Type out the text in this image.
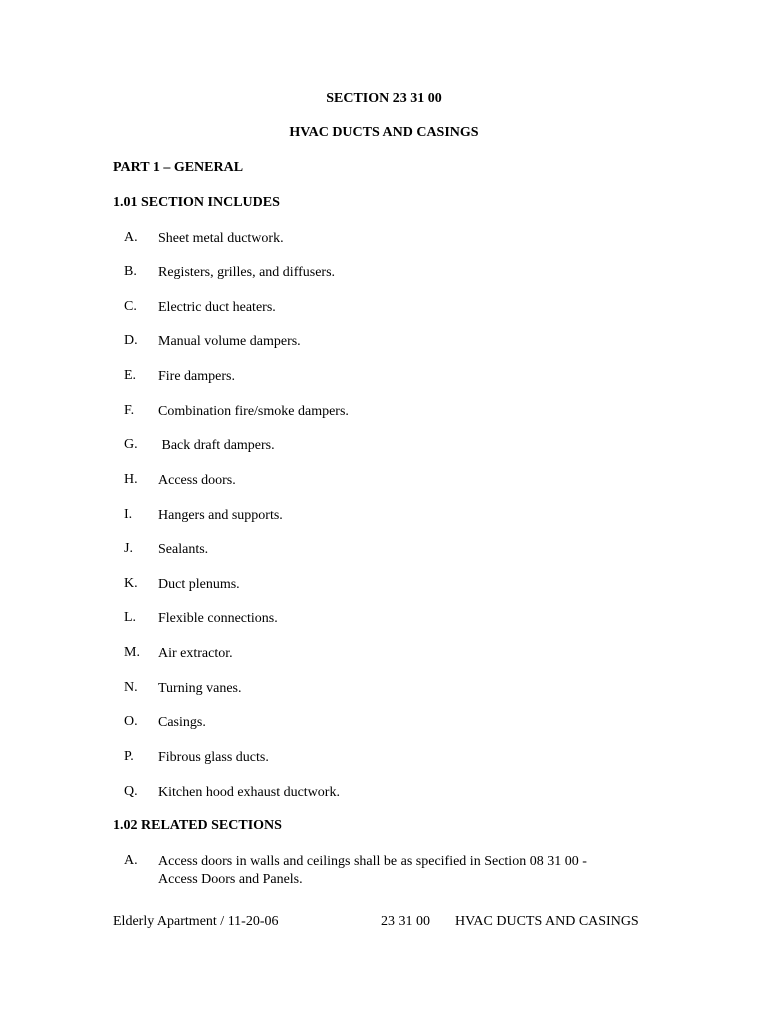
SECTION 23 31 00
HVAC DUCTS AND CASINGS
PART 1 – GENERAL
1.01 SECTION INCLUDES
A. Sheet metal ductwork.
B. Registers, grilles, and diffusers.
C. Electric duct heaters.
D. Manual volume dampers.
E. Fire dampers.
F. Combination fire/smoke dampers.
G. Back draft dampers.
H. Access doors.
I. Hangers and supports.
J. Sealants.
K. Duct plenums.
L. Flexible connections.
M. Air extractor.
N. Turning vanes.
O. Casings.
P. Fibrous glass ducts.
Q. Kitchen hood exhaust ductwork.
1.02 RELATED SECTIONS
A. Access doors in walls and ceilings shall be as specified in Section 08 31 00 - Access Doors and Panels.
Elderly Apartment / 11-20-06	23 31 00 HVAC DUCTS AND CASINGS
